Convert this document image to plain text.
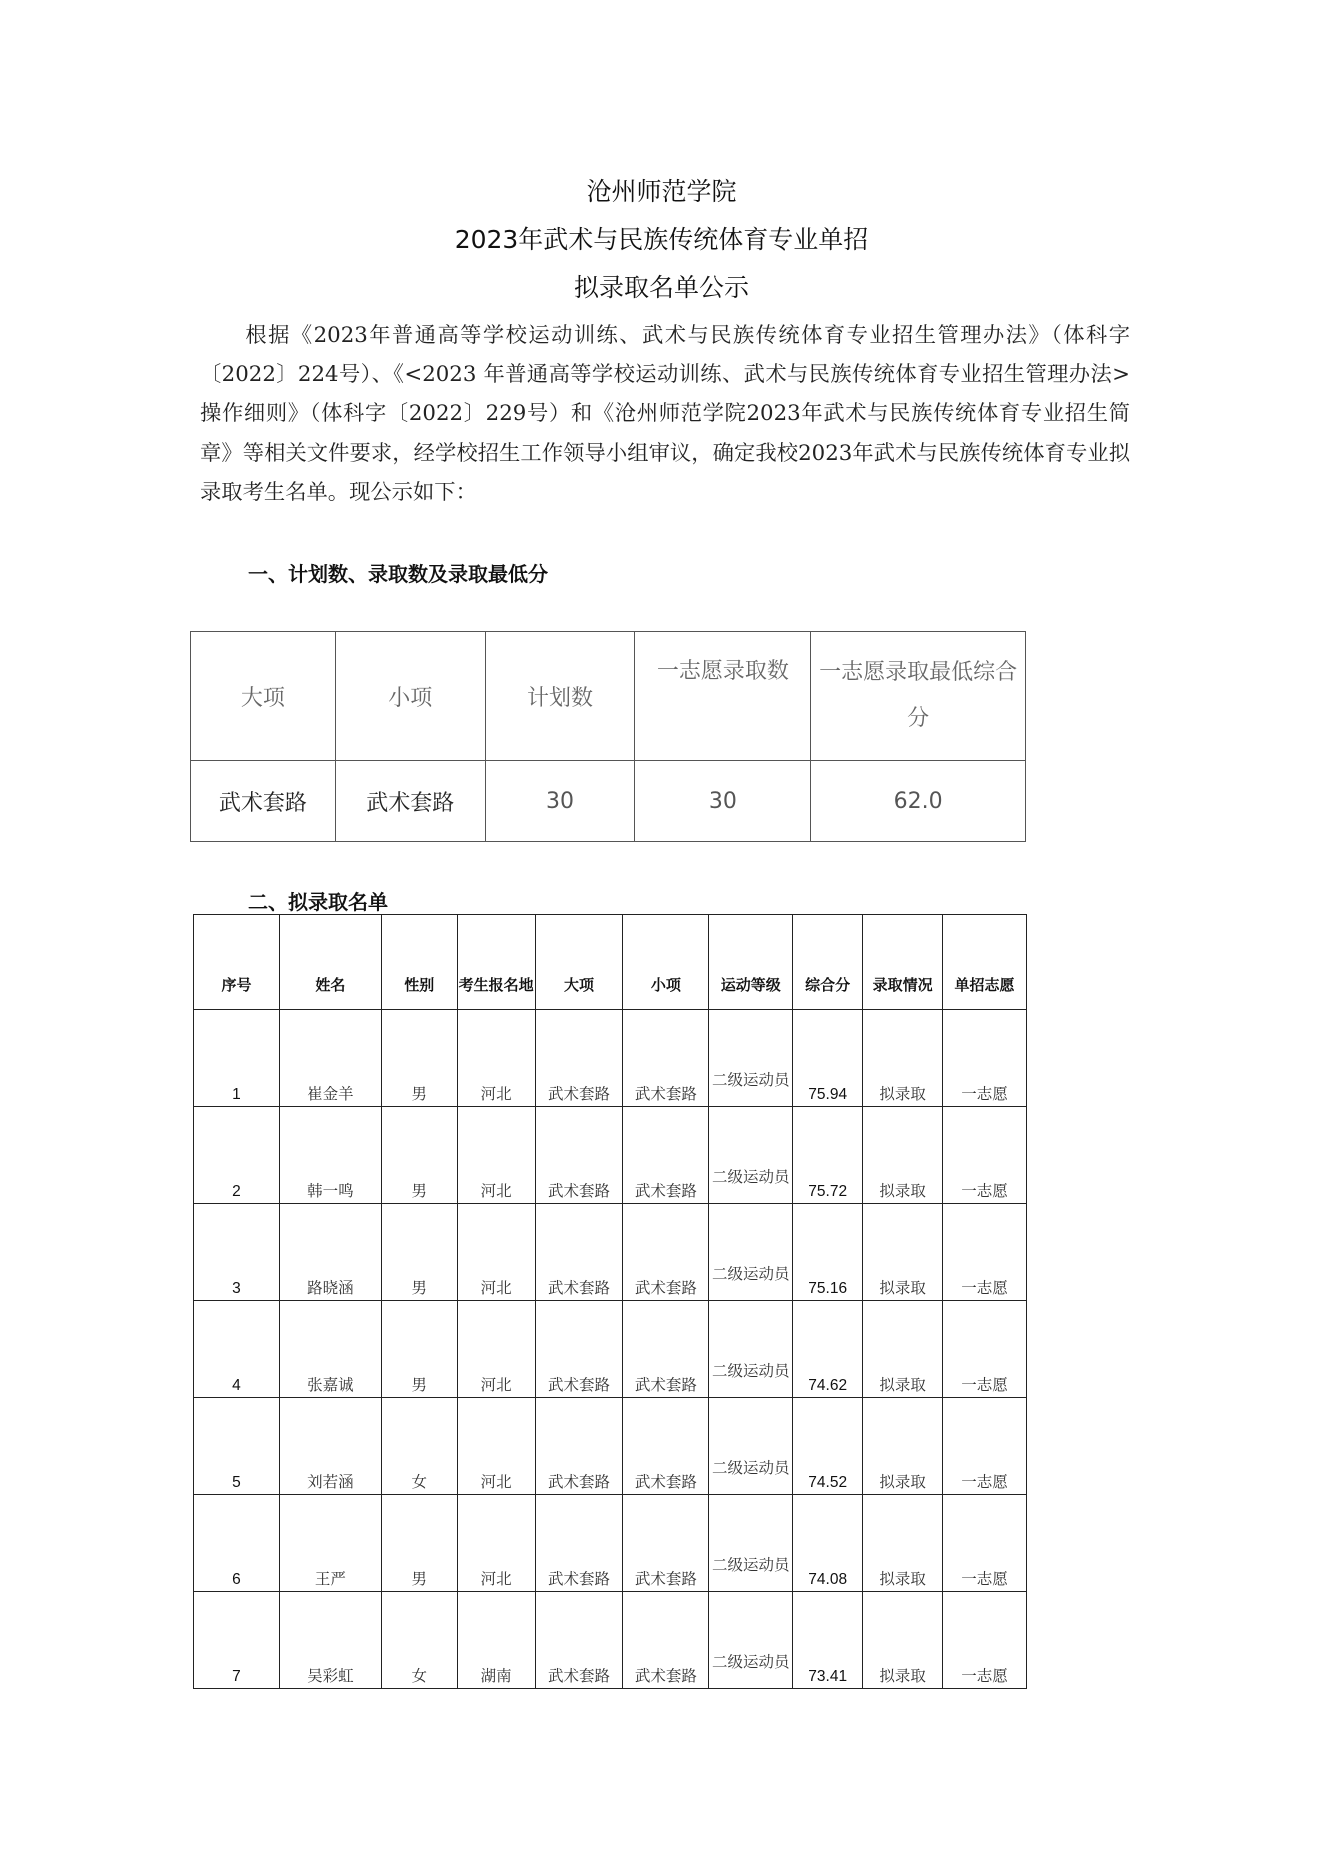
沧州师范学院
2023年武术与民族传统体育专业单招
拟录取名单公示
根据《2023年普通高等学校运动训练、武术与民族传统体育专业招生管理办法》（体科字〔2022〕224号）、《<2023 年普通高等学校运动训练、武术与民族传统体育专业招生管理办法>操作细则》（体科字〔2022〕229号）和《沧州师范学院2023年武术与民族传统体育专业招生简章》等相关文件要求，经学校招生工作领导小组审议，确定我校2023年武术与民族传统体育专业拟录取考生名单。现公示如下：
一、计划数、录取数及录取最低分
大项	小项	计划数	一志愿录取数	一志愿录取最低综合分
武术套路	武术套路	30	30	62.0
二、拟录取名单
序号	姓名	性别	考生报名地	大项	小项	运动等级	综合分	录取情况	单招志愿
1	崔金羊	男	河北	武术套路	武术套路	二级运动员	75.94	拟录取	一志愿
2	韩一鸣	男	河北	武术套路	武术套路	二级运动员	75.72	拟录取	一志愿
3	路晓涵	男	河北	武术套路	武术套路	二级运动员	75.16	拟录取	一志愿
4	张嘉诚	男	河北	武术套路	武术套路	二级运动员	74.62	拟录取	一志愿
5	刘若涵	女	河北	武术套路	武术套路	二级运动员	74.52	拟录取	一志愿
6	王严	男	河北	武术套路	武术套路	二级运动员	74.08	拟录取	一志愿
7	吴彩虹	女	湖南	武术套路	武术套路	二级运动员	73.41	拟录取	一志愿
